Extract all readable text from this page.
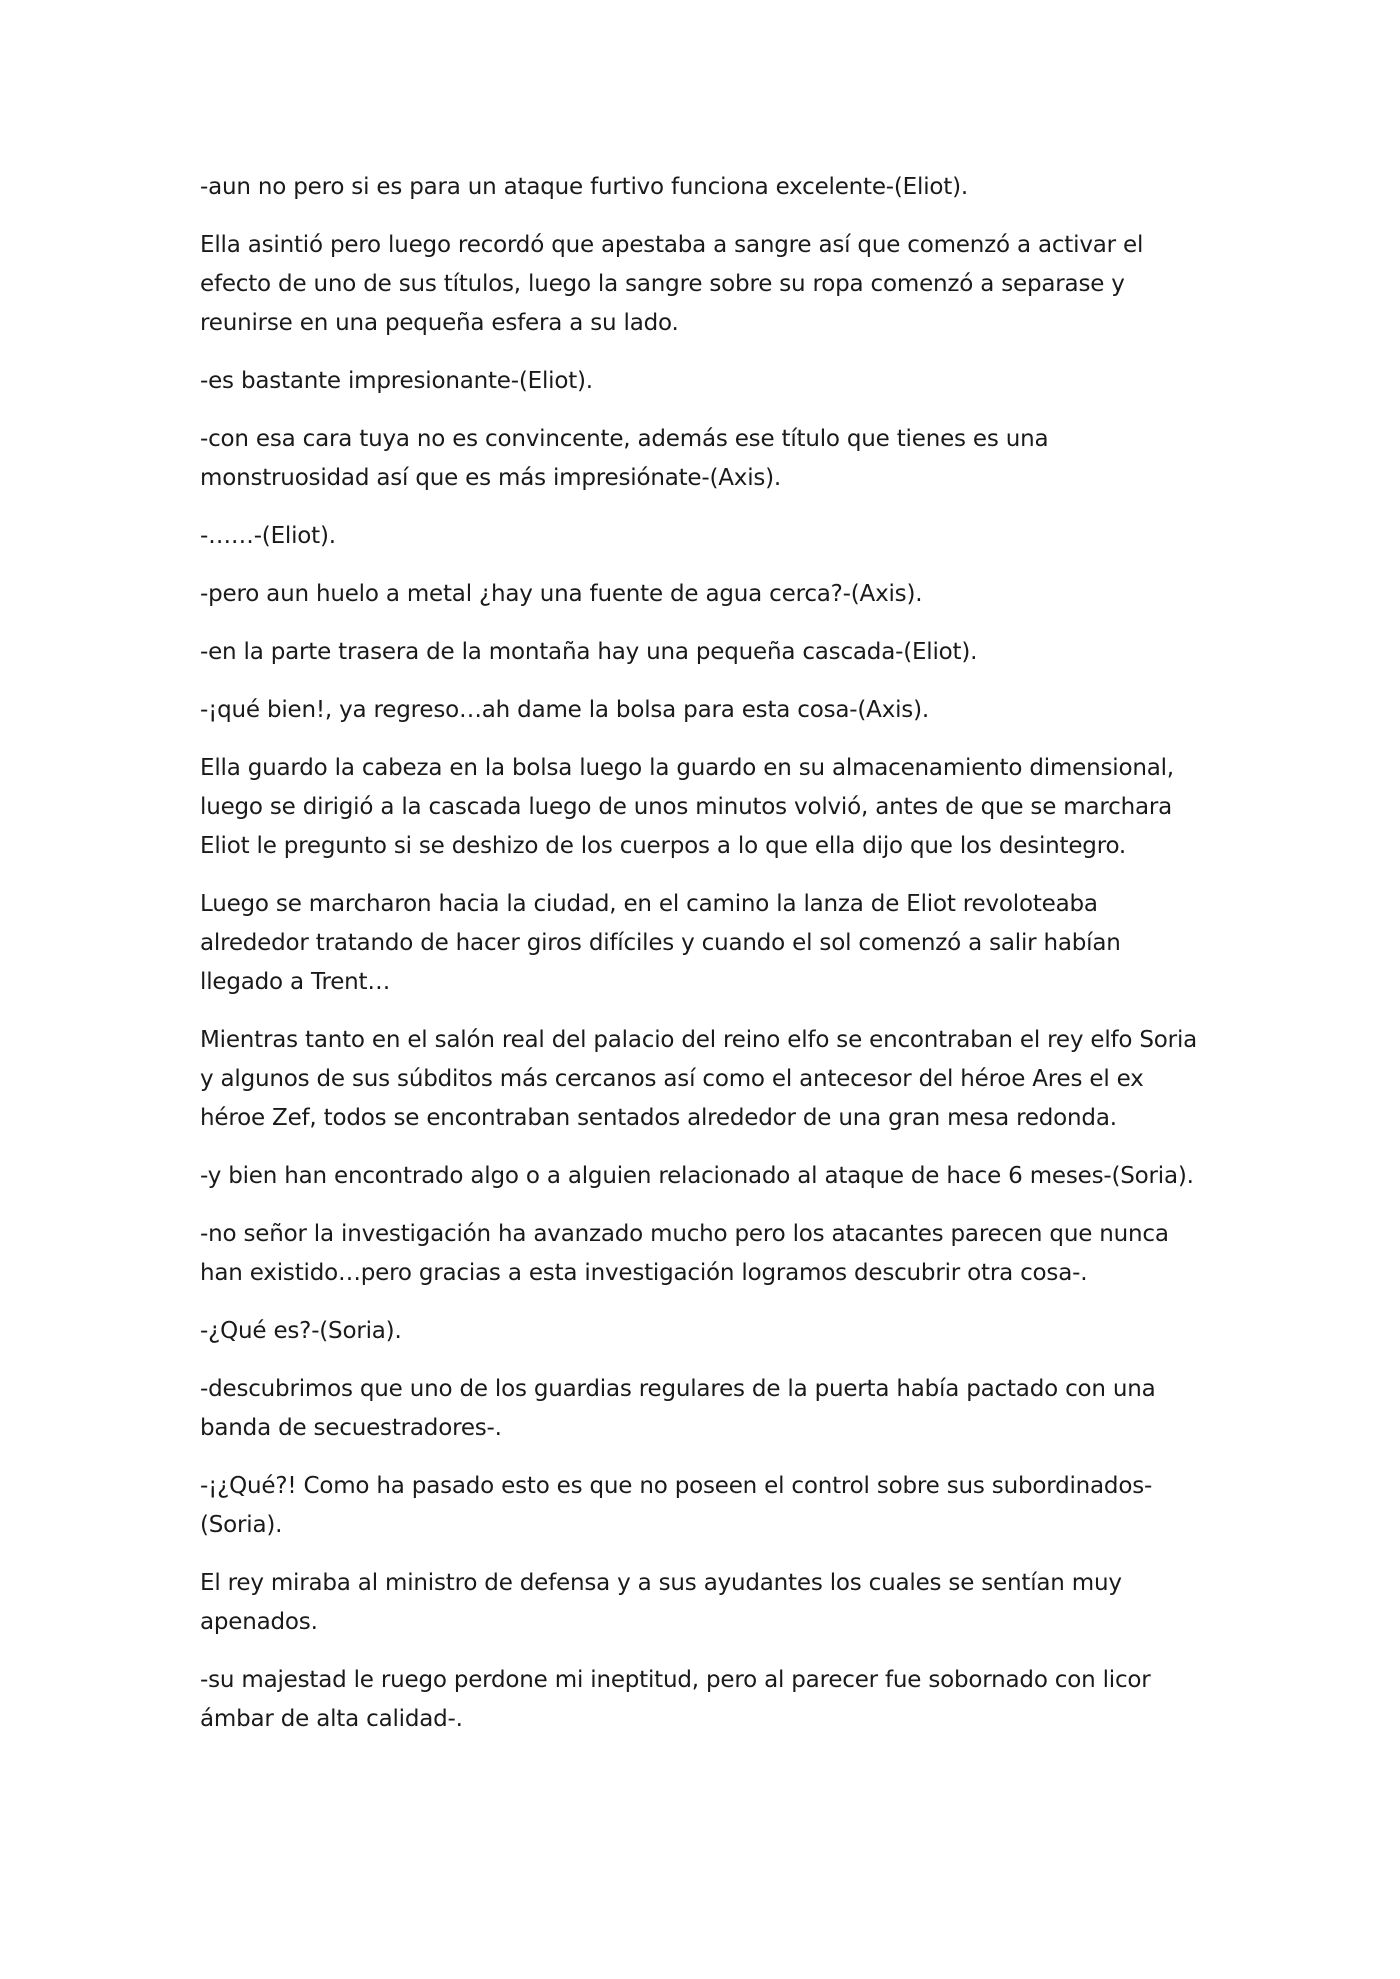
-aun no pero si es para un ataque furtivo funciona excelente-(Eliot).

Ella asintió pero luego recordó que apestaba a sangre así que comenzó a activar el efecto de uno de sus títulos, luego la sangre sobre su ropa comenzó a separase y reunirse en una pequeña esfera a su lado.

-es bastante impresionante-(Eliot).

-con esa cara tuya no es convincente, además ese título que tienes es una monstruosidad así que es más impresiónate-(Axis).

-……-(Eliot).

-pero aun huelo a metal ¿hay una fuente de agua cerca?-(Axis).

-en la parte trasera de la montaña hay una pequeña cascada-(Eliot).

-¡qué bien!, ya regreso…ah dame la bolsa para esta cosa-(Axis).

Ella guardo la cabeza en la bolsa luego la guardo en su almacenamiento dimensional, luego se dirigió a la cascada luego de unos minutos volvió, antes de que se marchara Eliot le pregunto si se deshizo de los cuerpos a lo que ella dijo que los desintegro.

Luego se marcharon hacia la ciudad, en el camino la lanza de Eliot revoloteaba alrededor tratando de hacer giros difíciles y cuando el sol comenzó a salir habían llegado a Trent…

Mientras tanto en el salón real del palacio del reino elfo se encontraban el rey elfo Soria y algunos de sus súbditos más cercanos así como el antecesor del héroe Ares el ex héroe Zef, todos se encontraban sentados alrededor de una gran mesa redonda.

-y bien han encontrado algo o a alguien relacionado al ataque de hace 6 meses-(Soria).

-no señor la investigación ha avanzado mucho pero los atacantes parecen que nunca han existido…pero gracias a esta investigación logramos descubrir otra cosa-.

-¿Qué es?-(Soria).

-descubrimos que uno de los guardias regulares de la puerta había pactado con una banda de secuestradores-.

-¡¿Qué?! Como ha pasado esto es que no poseen el control sobre sus subordinados-(Soria).

El rey miraba al ministro de defensa y a sus ayudantes los cuales se sentían muy apenados.

-su majestad le ruego perdone mi ineptitud, pero al parecer fue sobornado con licor ámbar de alta calidad-.
